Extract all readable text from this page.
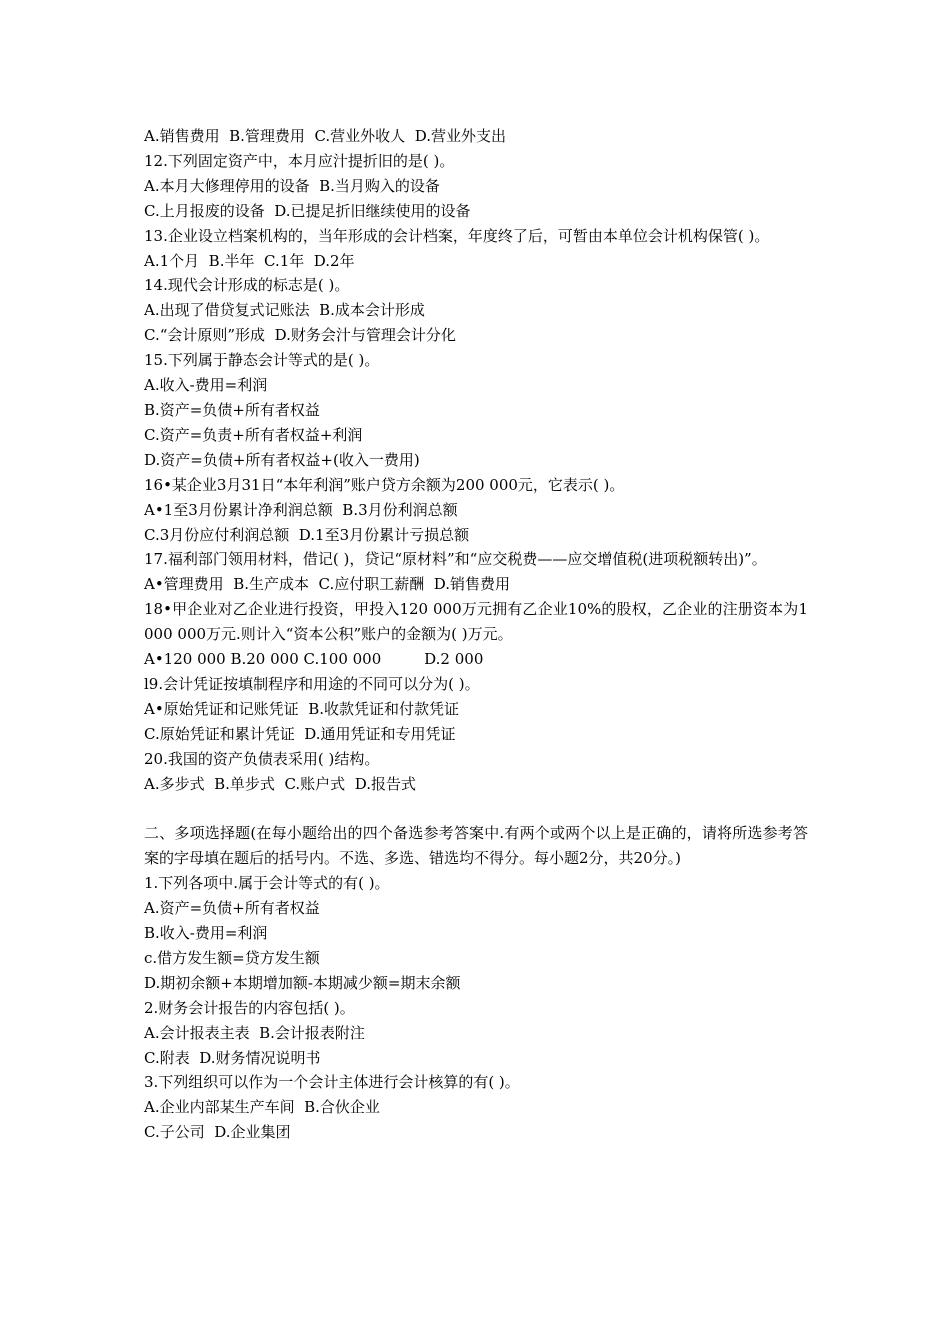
A.销售费用  B.管理费用  C.营业外收人  D.营业外支出

12.下列固定资产中，本月应汁提折旧的是( )。

A.本月大修理停用的设备  B.当月购入的设备

C.上月报废的设备  D.已提足折旧继续使用的设备

13.企业设立档案机构的，当年形成的会计档案，年度终了后，可暂由本单位会计机构保管( )。

A.1个月  B.半年  C.1年  D.2年

14.现代会计形成的标志是( )。

A.出现了借贷复式记账法  B.成本会计形成

C.“会计原则”形成  D.财务会汁与管理会计分化

15.下列属于静态会计等式的是( )。

A.收入-费用=利润

B.资产=负债+所有者权益

C.资产=负责+所有者权益+利润

D.资产=负债+所有者权益+(收入一费用)

16•某企业3月31日“本年利润”账户贷方余额为200 000元，它表示( )。

A•1至3月份累计净利润总额  B.3月份利润总额

C.3月份应付利润总额  D.1至3月份累计亏损总额

17.福利部门领用材料，借记( )，贷记“原材料”和“应交税费——应交增值税(进项税额转出)”。

A•管理费用  B.生产成本  C.应付职工薪酬  D.销售费用

18•甲企业对乙企业进行投资，甲投入120 000万元拥有乙企业10%的股权，乙企业的注册资本为1 000 000万元.则计入“资本公积”账户的金额为( )万元。

A•120 000 B.20 000 C.100 000         D.2 000

l9.会计凭证按填制程序和用途的不同可以分为( )。

A•原始凭证和记账凭证  B.收款凭证和付款凭证

C.原始凭证和累计凭证  D.通用凭证和专用凭证

20.我国的资产负债表采用( )结构。

A.多步式  B.单步式  C.账户式  D.报告式

二、多项选择题(在每小题给出的四个备选参考答案中.有两个或两个以上是正确的，请将所选参考答案的字母填在题后的括号内。不选、多选、错选均不得分。每小题2分，共20分。)

1.下列各项中.属于会计等式的有( )。

A.资产=负债+所有者权益

B.收入-费用=利润

c.借方发生额=贷方发生额

D.期初余额+本期增加额-本期减少额=期末余额

2.财务会计报告的内容包括( )。

A.会计报表主表  B.会计报表附注

C.附表  D.财务情况说明书

3.下列组织可以作为一个会计主体进行会计核算的有( )。

A.企业内部某生产车间  B.合伙企业

C.子公司  D.企业集团
